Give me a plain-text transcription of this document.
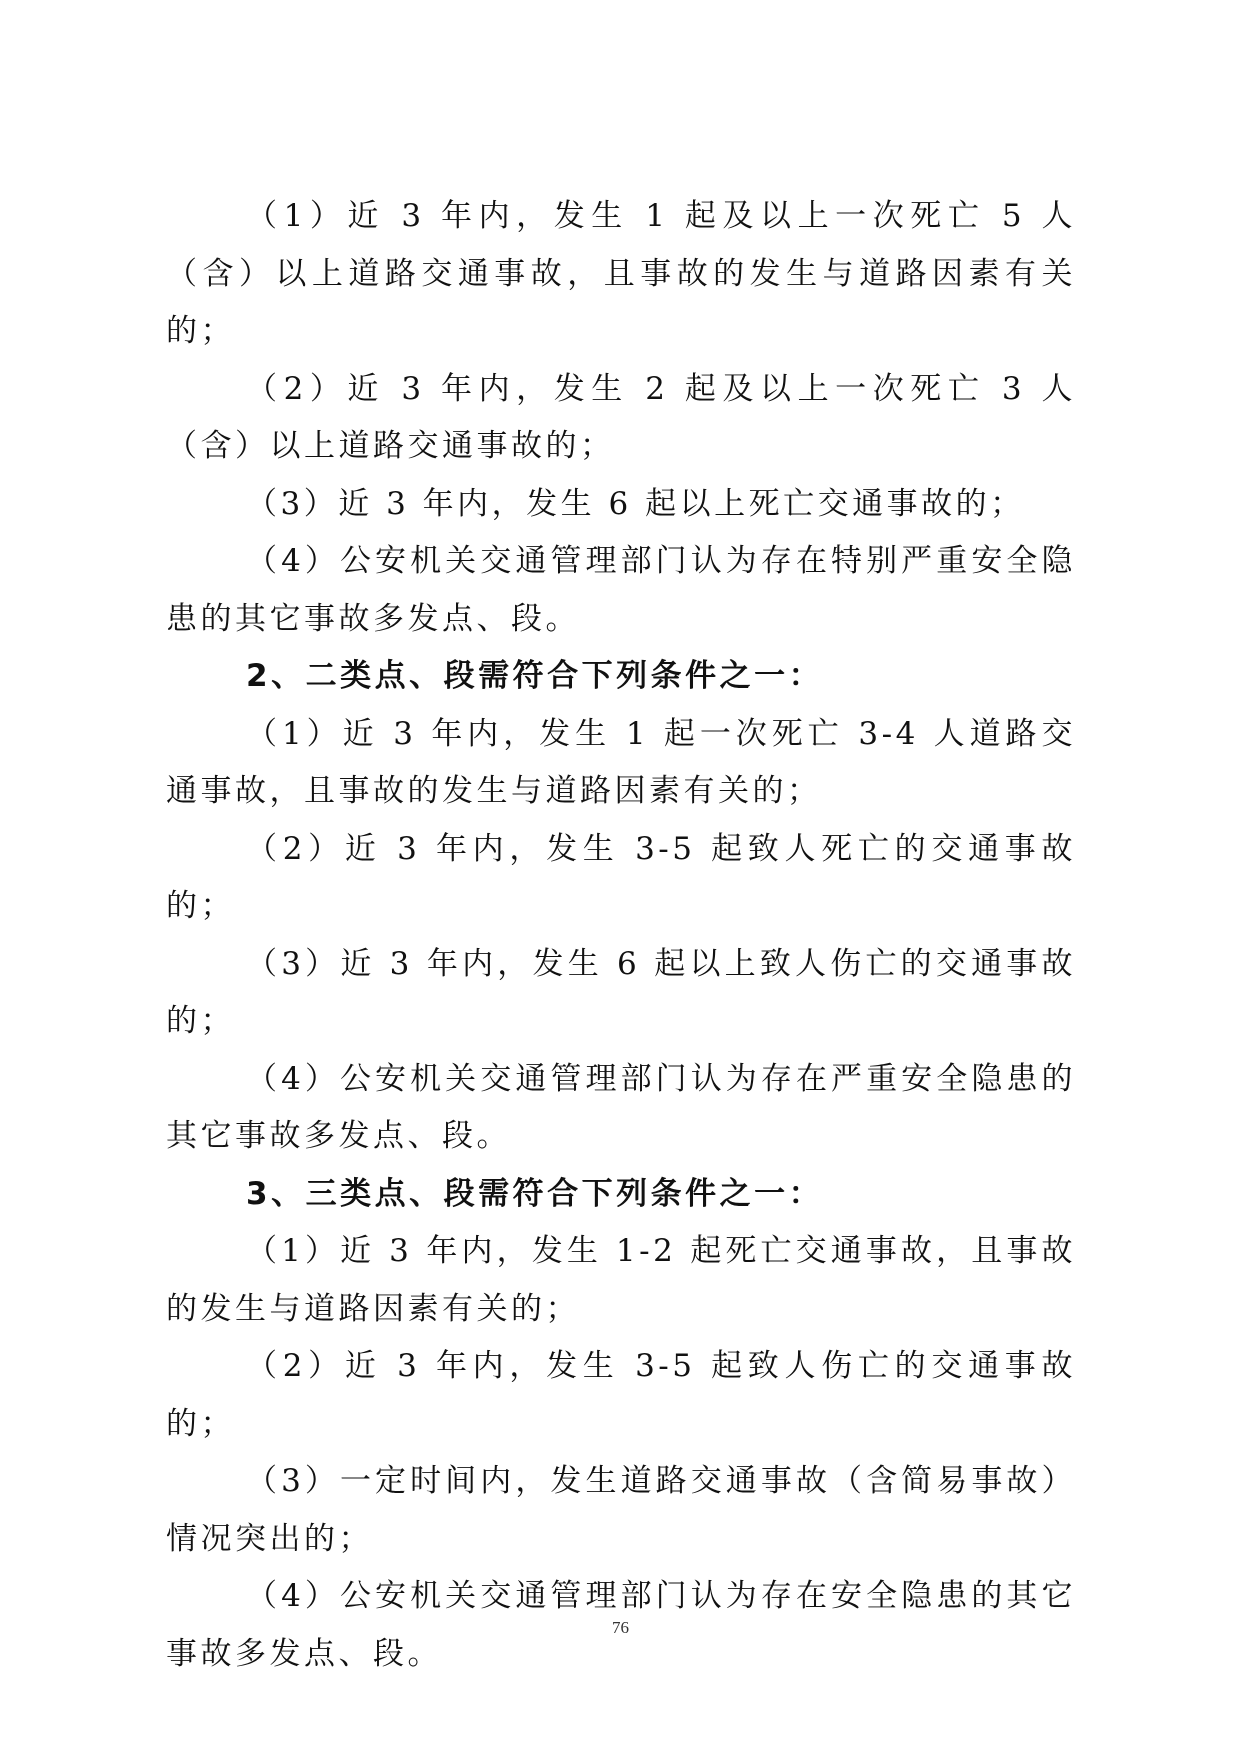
（1）近 3 年内，发生 1 起及以上一次死亡 5 人（含）以上道路交通事故，且事故的发生与道路因素有关的；

（2）近 3 年内，发生 2 起及以上一次死亡 3 人（含）以上道路交通事故的；

（3）近 3 年内，发生 6 起以上死亡交通事故的；

（4）公安机关交通管理部门认为存在特别严重安全隐患的其它事故多发点、段。

2、二类点、段需符合下列条件之一：

（1）近 3 年内，发生 1 起一次死亡 3-4 人道路交通事故，且事故的发生与道路因素有关的；

（2）近 3 年内，发生 3-5 起致人死亡的交通事故的；

（3）近 3 年内，发生 6 起以上致人伤亡的交通事故的；

（4）公安机关交通管理部门认为存在严重安全隐患的其它事故多发点、段。

3、三类点、段需符合下列条件之一：

（1）近 3 年内，发生 1-2 起死亡交通事故，且事故的发生与道路因素有关的；

（2）近 3 年内，发生 3-5 起致人伤亡的交通事故的；

（3）一定时间内，发生道路交通事故（含简易事故）情况突出的；

（4）公安机关交通管理部门认为存在安全隐患的其它事故多发点、段。

76
